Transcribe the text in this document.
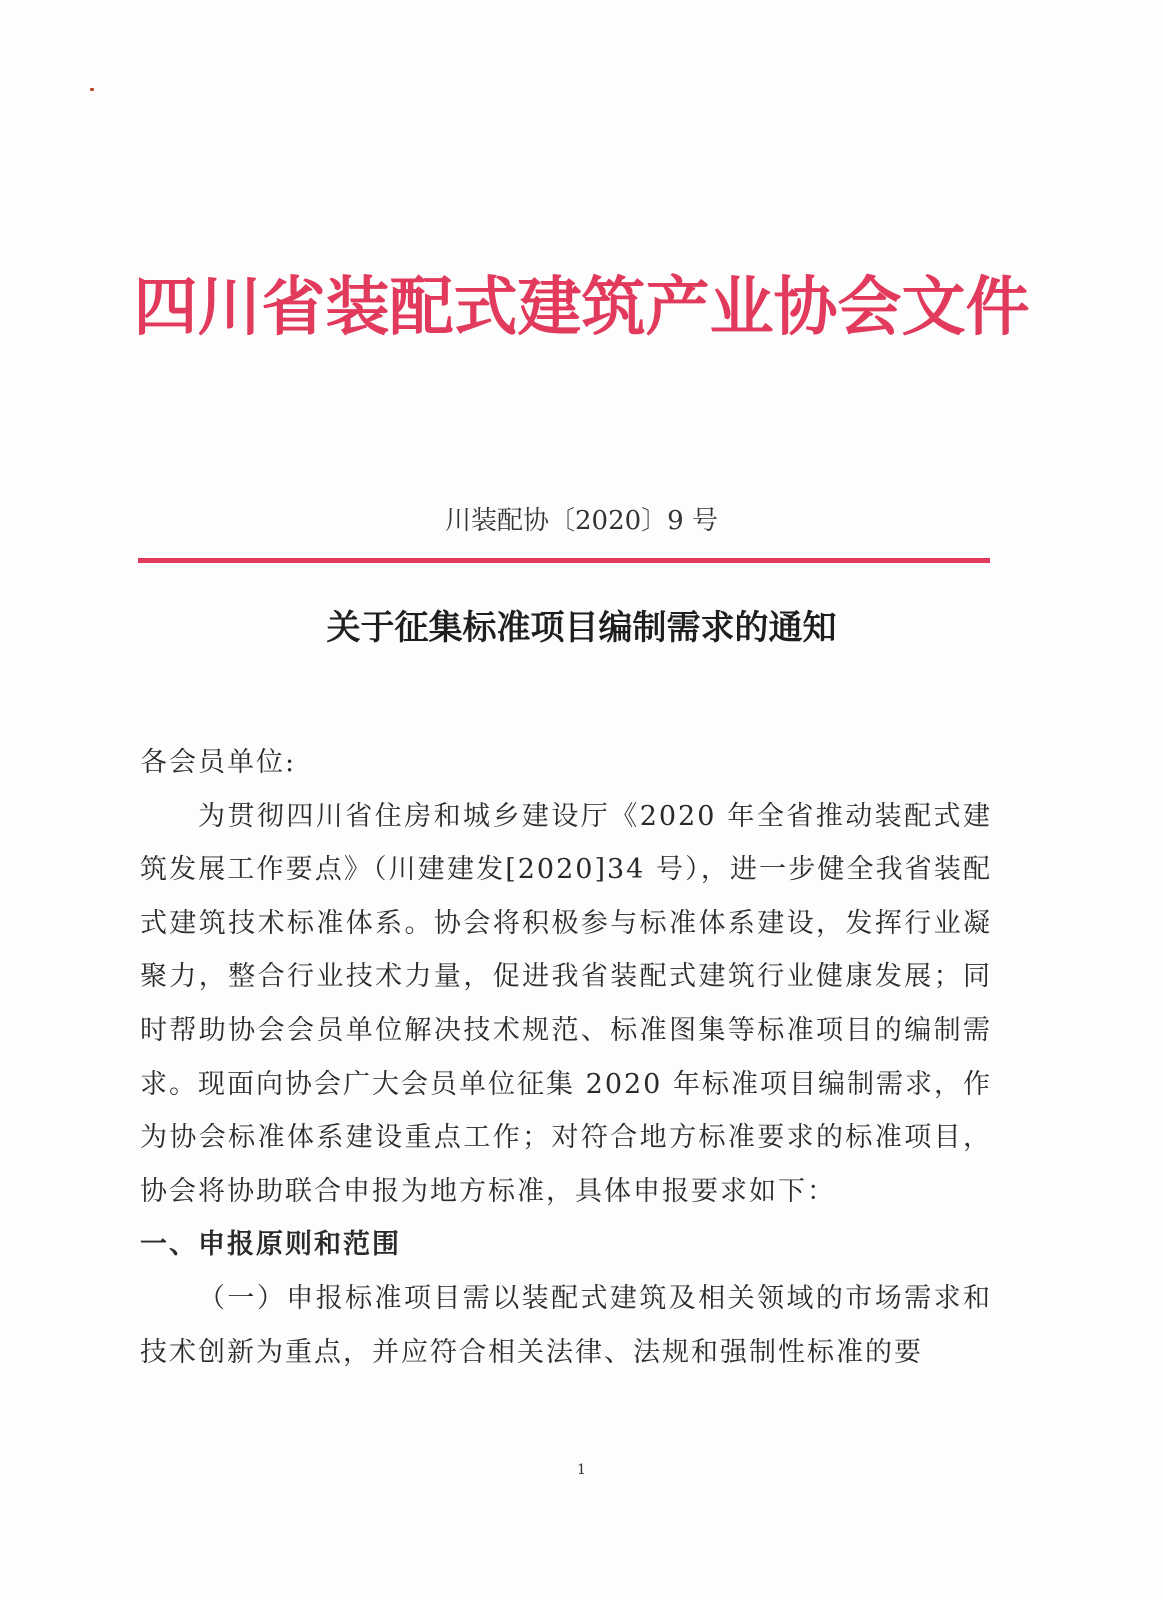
四川省装配式建筑产业协会文件
川装配协〔2020〕9 号
关于征集标准项目编制需求的通知

各会员单位:

为贯彻四川省住房和城乡建设厅《2020 年全省推动装配式建筑发展工作要点》（川建建发[2020]34 号），进一步健全我省装配式建筑技术标准体系。协会将积极参与标准体系建设，发挥行业凝聚力，整合行业技术力量，促进我省装配式建筑行业健康发展；同时帮助协会会员单位解决技术规范、标准图集等标准项目的编制需求。现面向协会广大会员单位征集 2020 年标准项目编制需求，作为协会标准体系建设重点工作；对符合地方标准要求的标准项目，协会将协助联合申报为地方标准，具体申报要求如下：

一、申报原则和范围

（一）申报标准项目需以装配式建筑及相关领域的市场需求和技术创新为重点，并应符合相关法律、法规和强制性标准的要

1
